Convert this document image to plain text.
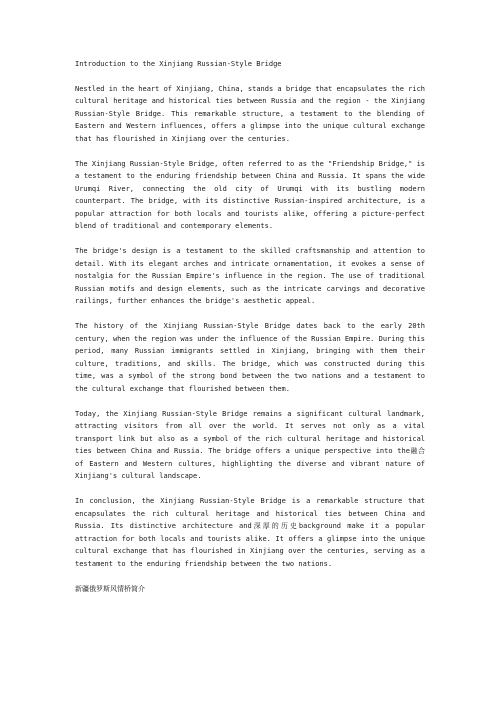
Introduction to the Xinjiang Russian-Style Bridge

Nestled in the heart of Xinjiang, China, stands a bridge that encapsulates the rich cultural heritage and historical ties between Russia and the region - the Xinjiang Russian-Style Bridge. This remarkable structure, a testament to the blending of Eastern and Western influences, offers a glimpse into the unique cultural exchange that has flourished in Xinjiang over the centuries.

The Xinjiang Russian-Style Bridge, often referred to as the "Friendship Bridge," is a testament to the enduring friendship between China and Russia. It spans the wide Urumqi River, connecting the old city of Urumqi with its bustling modern counterpart. The bridge, with its distinctive Russian-inspired architecture, is a popular attraction for both locals and tourists alike, offering a picture-perfect blend of traditional and contemporary elements.

The bridge's design is a testament to the skilled craftsmanship and attention to detail. With its elegant arches and intricate ornamentation, it evokes a sense of nostalgia for the Russian Empire's influence in the region. The use of traditional Russian motifs and design elements, such as the intricate carvings and decorative railings, further enhances the bridge's aesthetic appeal.

The history of the Xinjiang Russian-Style Bridge dates back to the early 20th century, when the region was under the influence of the Russian Empire. During this period, many Russian immigrants settled in Xinjiang, bringing with them their culture, traditions, and skills. The bridge, which was constructed during this time, was a symbol of the strong bond between the two nations and a testament to the cultural exchange that flourished between them.

Today, the Xinjiang Russian-Style Bridge remains a significant cultural landmark, attracting visitors from all over the world. It serves not only as a vital transport link but also as a symbol of the rich cultural heritage and historical ties between China and Russia. The bridge offers a unique perspective into the融合of Eastern and Western cultures, highlighting the diverse and vibrant nature of Xinjiang's cultural landscape.

In conclusion, the Xinjiang Russian-Style Bridge is a remarkable structure that encapsulates the rich cultural heritage and historical ties between China and Russia. Its distinctive architecture and深厚的历史background make it a popular attraction for both locals and tourists alike. It offers a glimpse into the unique cultural exchange that has flourished in Xinjiang over the centuries, serving as a testament to the enduring friendship between the two nations.

新疆俄罗斯风情桥简介
